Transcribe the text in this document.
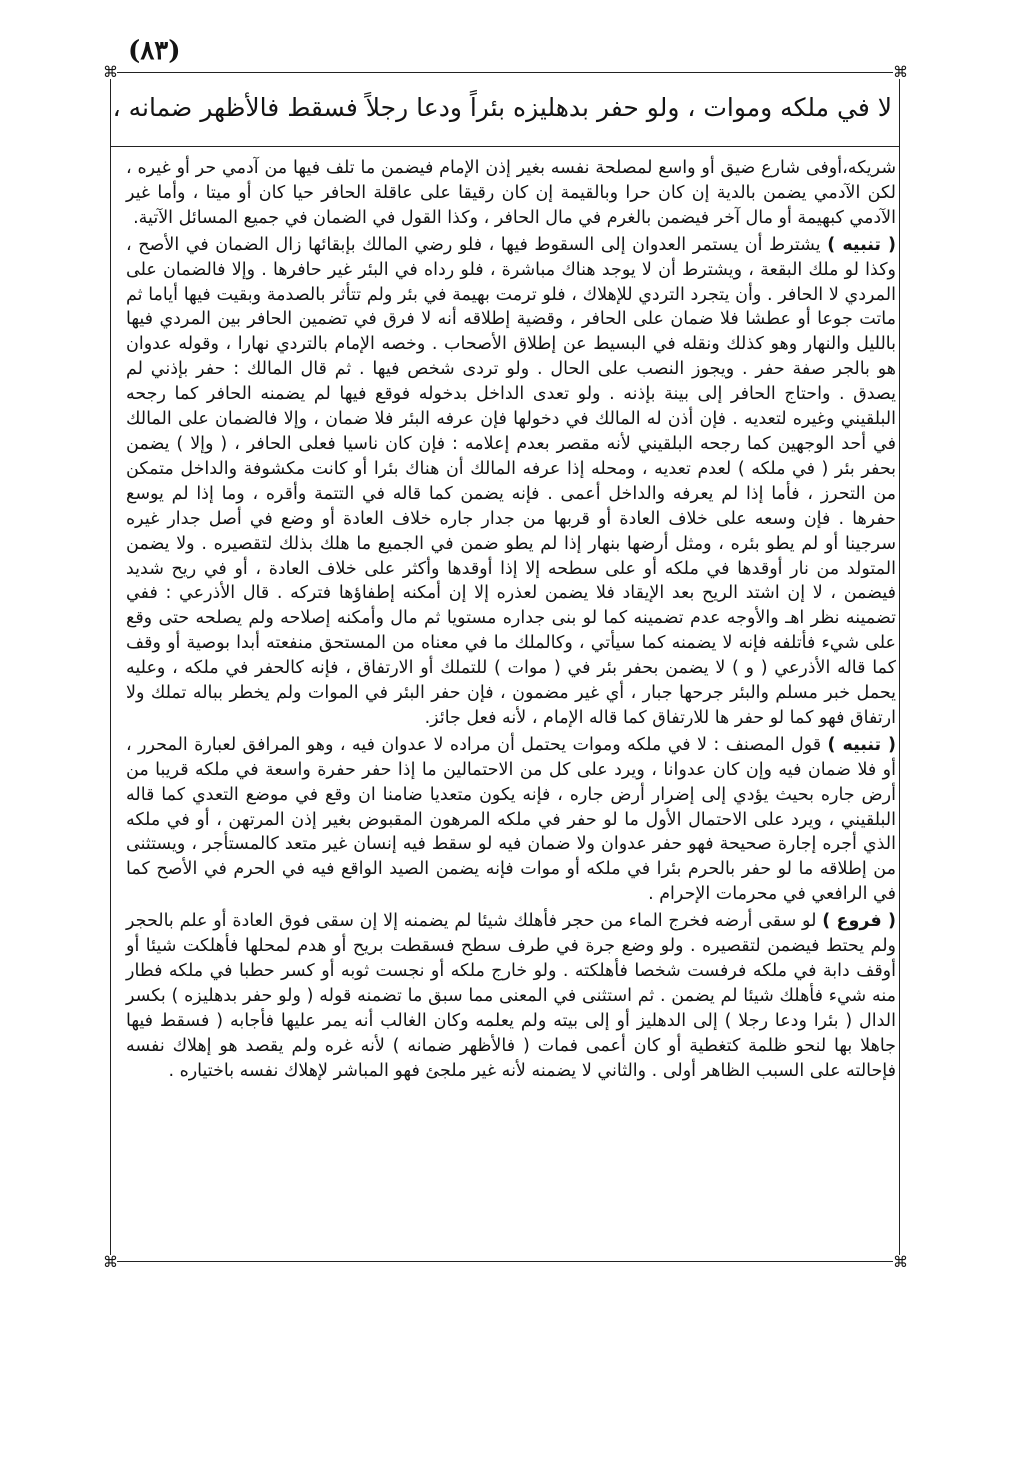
(٨٣)
⌘	⌘
⌘	⌘
لا في ملكه وموات ، ولو حفر بدهليزه بئراً ودعا رجلاً فسقط فالأظهر ضمانه ،

شريكه،أوفى شارع ضيق أو واسع لمصلحة نفسه بغير إذن الإمام فيضمن ما تلف فيها من آدمي حر أو غيره ، لكن الآدمي يضمن بالدية إن كان حرا وبالقيمة إن كان رقيقا على عاقلة الحافر حيا كان أو ميتا ، وأما غير الآدمي كبهيمة أو مال آخر فيضمن بالغرم في مال الحافر ، وكذا القول في الضمان في جميع المسائل الآتية.

( تنبيه ) يشترط أن يستمر العدوان إلى السقوط فيها ، فلو رضي المالك بإبقائها زال الضمان في الأصح ، وكذا لو ملك البقعة ، ويشترط أن لا يوجد هناك مباشرة ، فلو رداه في البئر غير حافرها . وإلا فالضمان على المردي لا الحافر . وأن يتجرد التردي للإهلاك ، فلو ترمت بهيمة في بئر ولم تتأثر بالصدمة وبقيت فيها أياما ثم ماتت جوعا أو عطشا فلا ضمان على الحافر ، وقضية إطلاقه أنه لا فرق في تضمين الحافر بين المردي فيها بالليل والنهار وهو كذلك ونقله في البسيط عن إطلاق الأصحاب . وخصه الإمام بالتردي نهارا ، وقوله عدوان هو بالجر صفة حفر . ويجوز النصب على الحال . ولو تردى شخص فيها . ثم قال المالك : حفر بإذني لم يصدق . واحتاج الحافر إلى بينة بإذنه . ولو تعدى الداخل بدخوله فوقع فيها لم يضمنه الحافر كما رجحه البلقيني وغيره لتعديه . فإن أذن له المالك في دخولها فإن عرفه البئر فلا ضمان ، وإلا فالضمان على المالك في أحد الوجهين كما رجحه البلقيني لأنه مقصر بعدم إعلامه : فإن كان ناسيا فعلى الحافر ، ( وإلا ) يضمن بحفر بئر ( في ملكه ) لعدم تعديه ، ومحله إذا عرفه المالك أن هناك بئرا أو كانت مكشوفة والداخل متمكن من التحرز ، فأما إذا لم يعرفه والداخل أعمى . فإنه يضمن كما قاله في التتمة وأقره ، وما إذا لم يوسع حفرها . فإن وسعه على خلاف العادة أو قربها من جدار جاره خلاف العادة أو وضع في أصل جدار غيره سرجينا أو لم يطو بئره ، ومثل أرضها بنهار إذا لم يطو ضمن في الجميع ما هلك بذلك لتقصيره . ولا يضمن المتولد من نار أوقدها في ملكه أو على سطحه إلا إذا أوقدها وأكثر على خلاف العادة ، أو في ريح شديد فيضمن ، لا إن اشتد الريح بعد الإيقاد فلا يضمن لعذره إلا إن أمكنه إطفاؤها فتركه . قال الأذرعي : ففي تضمينه نظر اهـ والأوجه عدم تضمينه كما لو بنى جداره مستويا ثم مال وأمكنه إصلاحه ولم يصلحه حتى وقع على شيء فأتلفه فإنه لا يضمنه كما سيأتي ، وكالملك ما في معناه من المستحق منفعته أبدا بوصية أو وقف كما قاله الأذرعي ( و ) لا يضمن بحفر بئر في ( موات ) للتملك أو الارتفاق ، فإنه كالحفر في ملكه ، وعليه يحمل خبر مسلم والبئر جرحها جبار ، أي غير مضمون ، فإن حفر البئر في الموات ولم يخطر بباله تملك ولا ارتفاق فهو كما لو حفر ها للارتفاق كما قاله الإمام ، لأنه فعل جائز.

( تنبيه ) قول المصنف : لا في ملكه وموات يحتمل أن مراده لا عدوان فيه ، وهو المرافق لعبارة المحرر ، أو فلا ضمان فيه وإن كان عدوانا ، ويرد على كل من الاحتمالين ما إذا حفر حفرة واسعة في ملكه قريبا من أرض جاره بحيث يؤدي إلى إضرار أرض جاره ، فإنه يكون متعديا ضامنا ان وقع في موضع التعدي كما قاله البلقيني ، ويرد على الاحتمال الأول ما لو حفر في ملكه المرهون المقبوض بغير إذن المرتهن ، أو في ملكه الذي أجره إجارة صحيحة فهو حفر عدوان ولا ضمان فيه لو سقط فيه إنسان غير متعد كالمستأجر ، ويستثنى من إطلاقه ما لو حفر بالحرم بئرا في ملكه أو موات فإنه يضمن الصيد الواقع فيه في الحرم في الأصح كما في الرافعي في محرمات الإحرام .

( فروع ) لو سقى أرضه فخرج الماء من حجر فأهلك شيئا لم يضمنه إلا إن سقى فوق العادة أو علم بالحجر ولم يحتط فيضمن لتقصيره . ولو وضع جرة في طرف سطح فسقطت بريح أو هدم لمحلها فأهلكت شيئا أو أوقف دابة في ملكه فرفست شخصا فأهلكته . ولو خارج ملكه أو نجست ثوبه أو كسر حطبا في ملكه فطار منه شيء فأهلك شيئا لم يضمن . ثم استثنى في المعنى مما سبق ما تضمنه قوله ( ولو حفر بدهليزه ) بكسر الدال ( بئرا ودعا رجلا ) إلى الدهليز أو إلى بيته ولم يعلمه وكان الغالب أنه يمر عليها فأجابه ( فسقط فيها جاهلا بها لنحو ظلمة كتغطية أو كان أعمى فمات ( فالأظهر ضمانه ) لأنه غره ولم يقصد هو إهلاك نفسه فإحالته على السبب الظاهر أولى . والثاني لا يضمنه لأنه غير ملجئ فهو المباشر لإهلاك نفسه باختياره .
